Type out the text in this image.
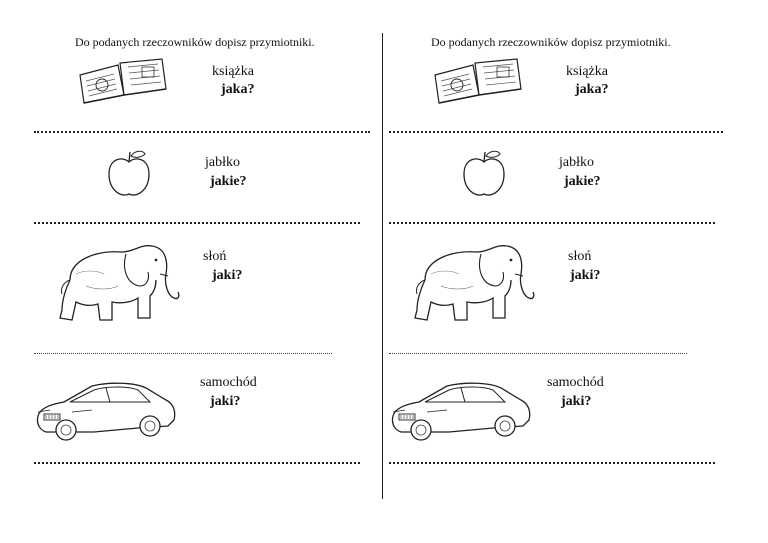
Do podanych rzeczowników dopisz przymiotniki.
książka
jaka?
jabłko
jakie?
słoń
jaki?
samochód
jaki?
Do podanych rzeczowników dopisz przymiotniki.
książka
jaka?
jabłko
jakie?
słoń
jaki?
samochód
jaki?
